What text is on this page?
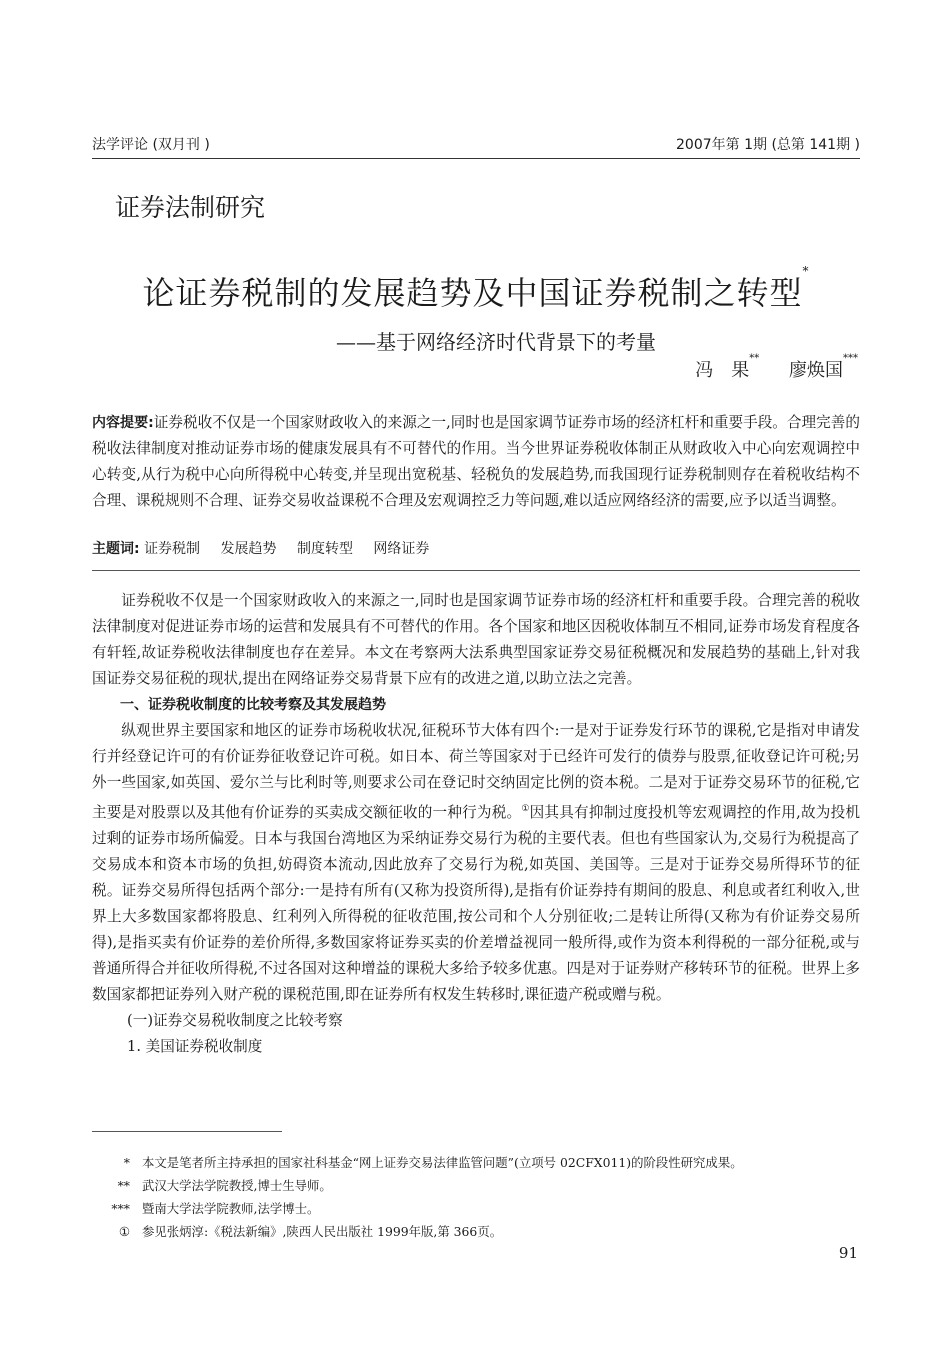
法学评论 (双月刊 )	2007年第 1期 (总第 141期 )
证券法制研究
论证券税制的发展趋势及中国证券税制之转型*
——基于网络经济时代背景下的考量
冯　果** 廖焕国***
内容提要:证券税收不仅是一个国家财政收入的来源之一,同时也是国家调节证券市场的经济杠杆和重要手段。合理完善的税收法律制度对推动证券市场的健康发展具有不可替代的作用。当今世界证券税收体制正从财政收入中心向宏观调控中心转变,从行为税中心向所得税中心转变,并呈现出宽税基、轻税负的发展趋势,而我国现行证券税制则存在着税收结构不合理、课税规则不合理、证券交易收益课税不合理及宏观调控乏力等问题,难以适应网络经济的需要,应予以适当调整。
主题词: 证券税制 发展趋势 制度转型 网络证券

证券税收不仅是一个国家财政收入的来源之一,同时也是国家调节证券市场的经济杠杆和重要手段。合理完善的税收法律制度对促进证券市场的运营和发展具有不可替代的作用。各个国家和地区因税收体制互不相同,证券市场发育程度各有轩轾,故证券税收法律制度也存在差异。本文在考察两大法系典型国家证券交易征税概况和发展趋势的基础上,针对我国证券交易征税的现状,提出在网络证券交易背景下应有的改进之道,以助立法之完善。

一、证券税收制度的比较考察及其发展趋势

纵观世界主要国家和地区的证券市场税收状况,征税环节大体有四个:一是对于证券发行环节的课税,它是指对申请发行并经登记许可的有价证券征收登记许可税。如日本、荷兰等国家对于已经许可发行的债券与股票,征收登记许可税;另外一些国家,如英国、爱尔兰与比利时等,则要求公司在登记时交纳固定比例的资本税。二是对于证券交易环节的征税,它主要是对股票以及其他有价证券的买卖成交额征收的一种行为税。①因其具有抑制过度投机等宏观调控的作用,故为投机过剩的证券市场所偏爱。日本与我国台湾地区为采纳证券交易行为税的主要代表。但也有些国家认为,交易行为税提高了交易成本和资本市场的负担,妨碍资本流动,因此放弃了交易行为税,如英国、美国等。三是对于证券交易所得环节的征税。证券交易所得包括两个部分:一是持有所有(又称为投资所得),是指有价证券持有期间的股息、利息或者红利收入,世界上大多数国家都将股息、红利列入所得税的征收范围,按公司和个人分别征收;二是转让所得(又称为有价证券交易所得),是指买卖有价证券的差价所得,多数国家将证券买卖的价差增益视同一般所得,或作为资本利得税的一部分征税,或与普通所得合并征收所得税,不过各国对这种增益的课税大多给予较多优惠。四是对于证券财产移转环节的征税。世界上多数国家都把证券列入财产税的课税范围,即在证券所有权发生转移时,课征遗产税或赠与税。

(一)证券交易税收制度之比较考察

1. 美国证券税收制度

* 本文是笔者所主持承担的国家社科基金“网上证券交易法律监管问题”(立项号 02CFX011)的阶段性研究成果。
** 武汉大学法学院教授,博士生导师。
*** 暨南大学法学院教师,法学博士。
① 参见张炳淳:《税法新编》,陕西人民出版社 1999年版,第 366页。
91
